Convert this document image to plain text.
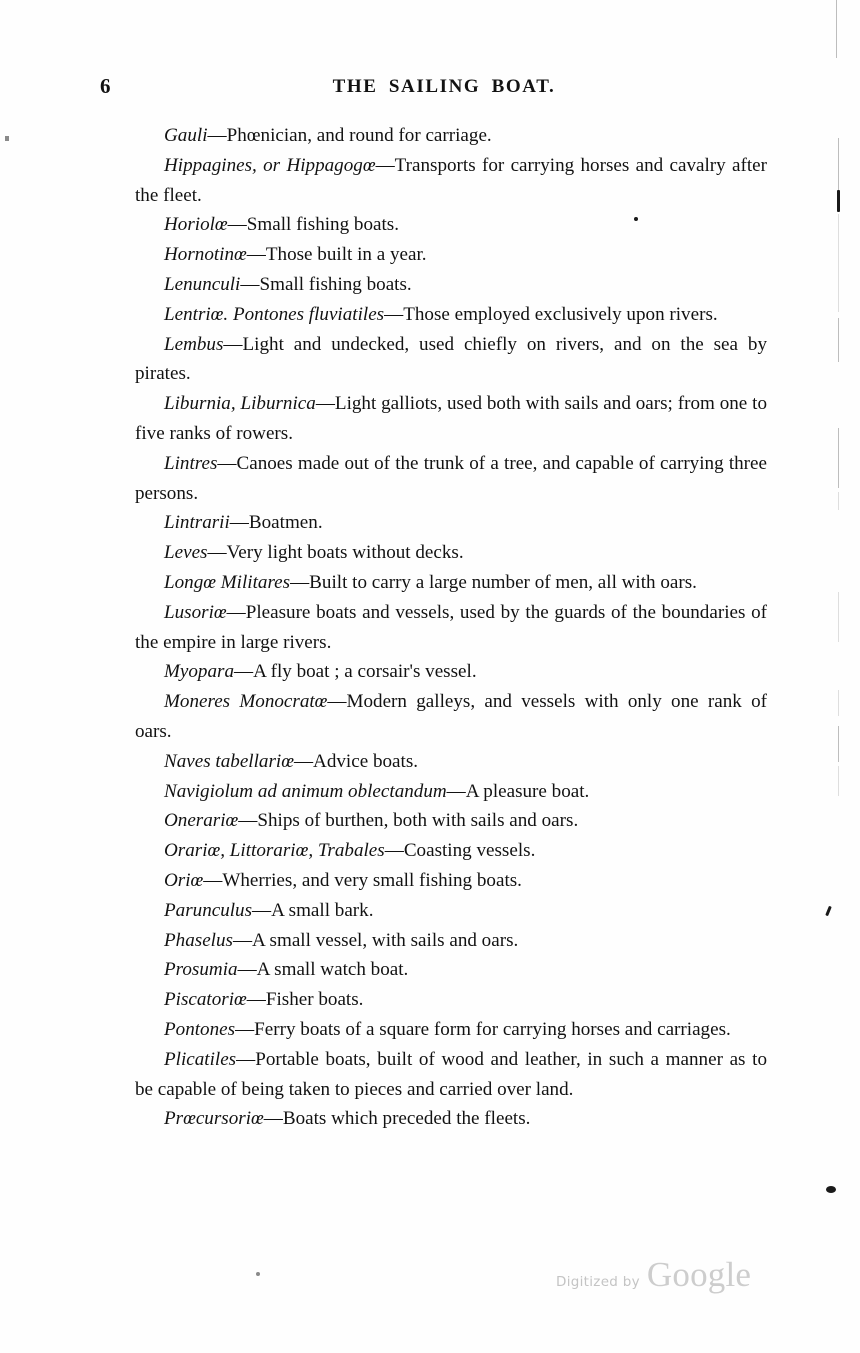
6	THE SAILING BOAT.

Gauli—Phœnician, and round for carriage.

Hippagines, or Hippagogœ—Transports for carrying horses and cavalry after the fleet.

Horiolœ—Small fishing boats.

Hornotinœ—Those built in a year.

Lenunculi—Small fishing boats.

Lentriœ. Pontones fluviatiles—Those employed exclusively upon rivers.

Lembus—Light and undecked, used chiefly on rivers, and on the sea by pirates.

Liburnia, Liburnica—Light galliots, used both with sails and oars; from one to five ranks of rowers.

Lintres—Canoes made out of the trunk of a tree, and capable of carrying three persons.

Lintrarii—Boatmen.

Leves—Very light boats without decks.

Longœ Militares—Built to carry a large number of men, all with oars.

Lusoriœ—Pleasure boats and vessels, used by the guards of the boundaries of the empire in large rivers.

Myopara—A fly boat ; a corsair's vessel.

Moneres Monocratœ—Modern galleys, and vessels with only one rank of oars.

Naves tabellariœ—Advice boats.

Navigiolum ad animum oblectandum—A pleasure boat.

Onerariœ—Ships of burthen, both with sails and oars.

Orariœ, Littorariœ, Trabales—Coasting vessels.

Oriœ—Wherries, and very small fishing boats.

Parunculus—A small bark.

Phaselus—A small vessel, with sails and oars.

Prosumia—A small watch boat.

Piscatoriœ—Fisher boats.

Pontones—Ferry boats of a square form for carrying horses and carriages.

Plicatiles—Portable boats, built of wood and leather, in such a manner as to be capable of being taken to pieces and carried over land.

Prœcursoriœ—Boats which preceded the fleets.

Digitized by Google
